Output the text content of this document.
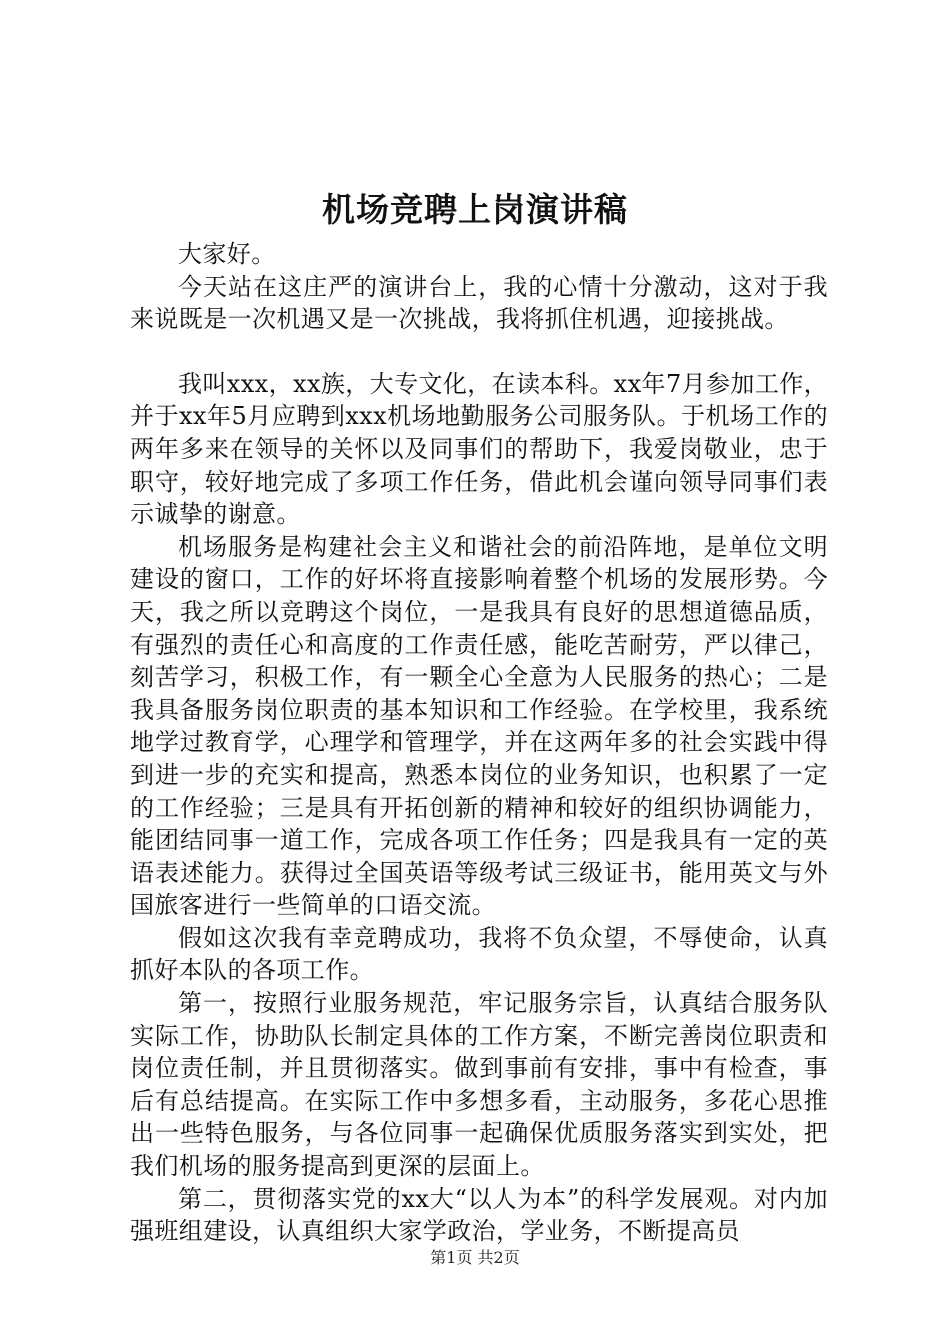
机场竞聘上岗演讲稿

大家好。

今天站在这庄严的演讲台上，我的心情十分激动，这对于我来说既是一次机遇又是一次挑战，我将抓住机遇，迎接挑战。

我叫xxx，xx族，大专文化，在读本科。xx年7月参加工作，并于xx年5月应聘到xxx机场地勤服务公司服务队。于机场工作的两年多来在领导的关怀以及同事们的帮助下，我爱岗敬业，忠于职守，较好地完成了多项工作任务，借此机会谨向领导同事们表示诚挚的谢意。

机场服务是构建社会主义和谐社会的前沿阵地，是单位文明建设的窗口，工作的好坏将直接影响着整个机场的发展形势。今天，我之所以竞聘这个岗位，一是我具有良好的思想道德品质，有强烈的责任心和高度的工作责任感，能吃苦耐劳，严以律己，刻苦学习，积极工作，有一颗全心全意为人民服务的热心；二是我具备服务岗位职责的基本知识和工作经验。在学校里，我系统地学过教育学，心理学和管理学，并在这两年多的社会实践中得到进一步的充实和提高，熟悉本岗位的业务知识，也积累了一定的工作经验；三是具有开拓创新的精神和较好的组织协调能力，能团结同事一道工作，完成各项工作任务；四是我具有一定的英语表述能力。获得过全国英语等级考试三级证书，能用英文与外国旅客进行一些简单的口语交流。

假如这次我有幸竞聘成功，我将不负众望，不辱使命，认真抓好本队的各项工作。

第一，按照行业服务规范，牢记服务宗旨，认真结合服务队实际工作，协助队长制定具体的工作方案，不断完善岗位职责和岗位责任制，并且贯彻落实。做到事前有安排，事中有检查，事后有总结提高。在实际工作中多想多看，主动服务，多花心思推出一些特色服务，与各位同事一起确保优质服务落实到实处，把我们机场的服务提高到更深的层面上。

第二，贯彻落实党的xx大“以人为本”的科学发展观。对内加强班组建设，认真组织大家学政治，学业务，不断提高员

第1页 共2页
